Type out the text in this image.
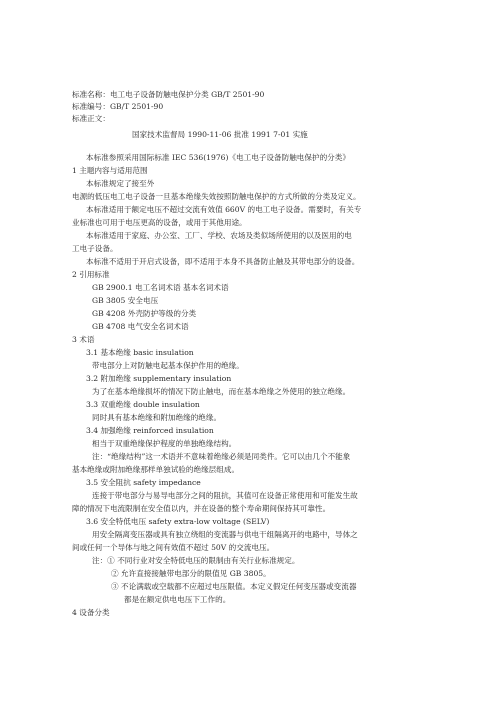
标准名称：电工电子设备防触电保护分类 GB/T 2501-90
标准编号：GB/T 2501-90
标准正文：
国家技术监督局 1990-11-06 批准 1991 7-01 实施
本标准参照采用国际标准 IEC 536(1976)《电工电子设备防触电保护的分类》
1 主题内容与适用范围
本标准规定了接至外
电源的低压电工电子设备一旦基本绝缘失效按照防触电保护的方式所做的分类及定义。
本标准适用于额定电压不超过交流有效值 660V 的电工电子设备。需要时，有关专
业标准也可用于电压更高的设备，或用于其他用途。
本标准适用于家庭、办公室、工厂、学校、农场及类似场所使用的以及医用的电
工电子设备。
本标准不适用于开启式设备，即不适用于本身不具备防止触及其带电部分的设备。
2 引用标准
GB 2900.1 电工名词术语 基本名词术语
GB 3805 安全电压
GB 4208 外壳防护等级的分类
GB 4708 电气安全名词术语
3 术语
3.1 基本绝缘 basic insulation
带电部分上对防触电起基本保护作用的绝缘。
3.2 附加绝缘 supplementary insulation
为了在基本绝缘损坏的情况下防止触电，而在基本绝缘之外使用的独立绝缘。
3.3 双重绝缘 double insulation
同时具有基本绝缘和附加绝缘的绝缘。
3.4 加强绝缘 reinforced insulation
相当于双重绝缘保护程度的单独绝缘结构。
注：“绝缘结构”这一术语并不意味着绝缘必须是同类件。它可以由几个不能象
基本绝缘或附加绝缘那样单独试验的绝缘层组成。
3.5 安全阻抗 safety impedance
连接于带电部分与易导电部分之间的阻抗，其值可在设备正常使用和可能发生故
障的情况下电流限制在安全值以内，并在设备的整个寿命期间保持其可靠性。
3.6 安全特低电压 safety extra-low voltage (SELV)
用安全隔离变压器或具有独立绕组的变流器与供电干组隔离开的电路中，导体之
间或任何一个导体与地之间有效值不超过 50V 的交流电压。
注：① 不同行业对安全特低电压的限制由有关行业标准规定。
② 允许直接接触带电部分的限值见 GB 3805。
③ 不论满载或空载都不应超过电压限值。本定义假定任何变压器或变流器
都是在额定供电电压下工作的。
4 设备分类
